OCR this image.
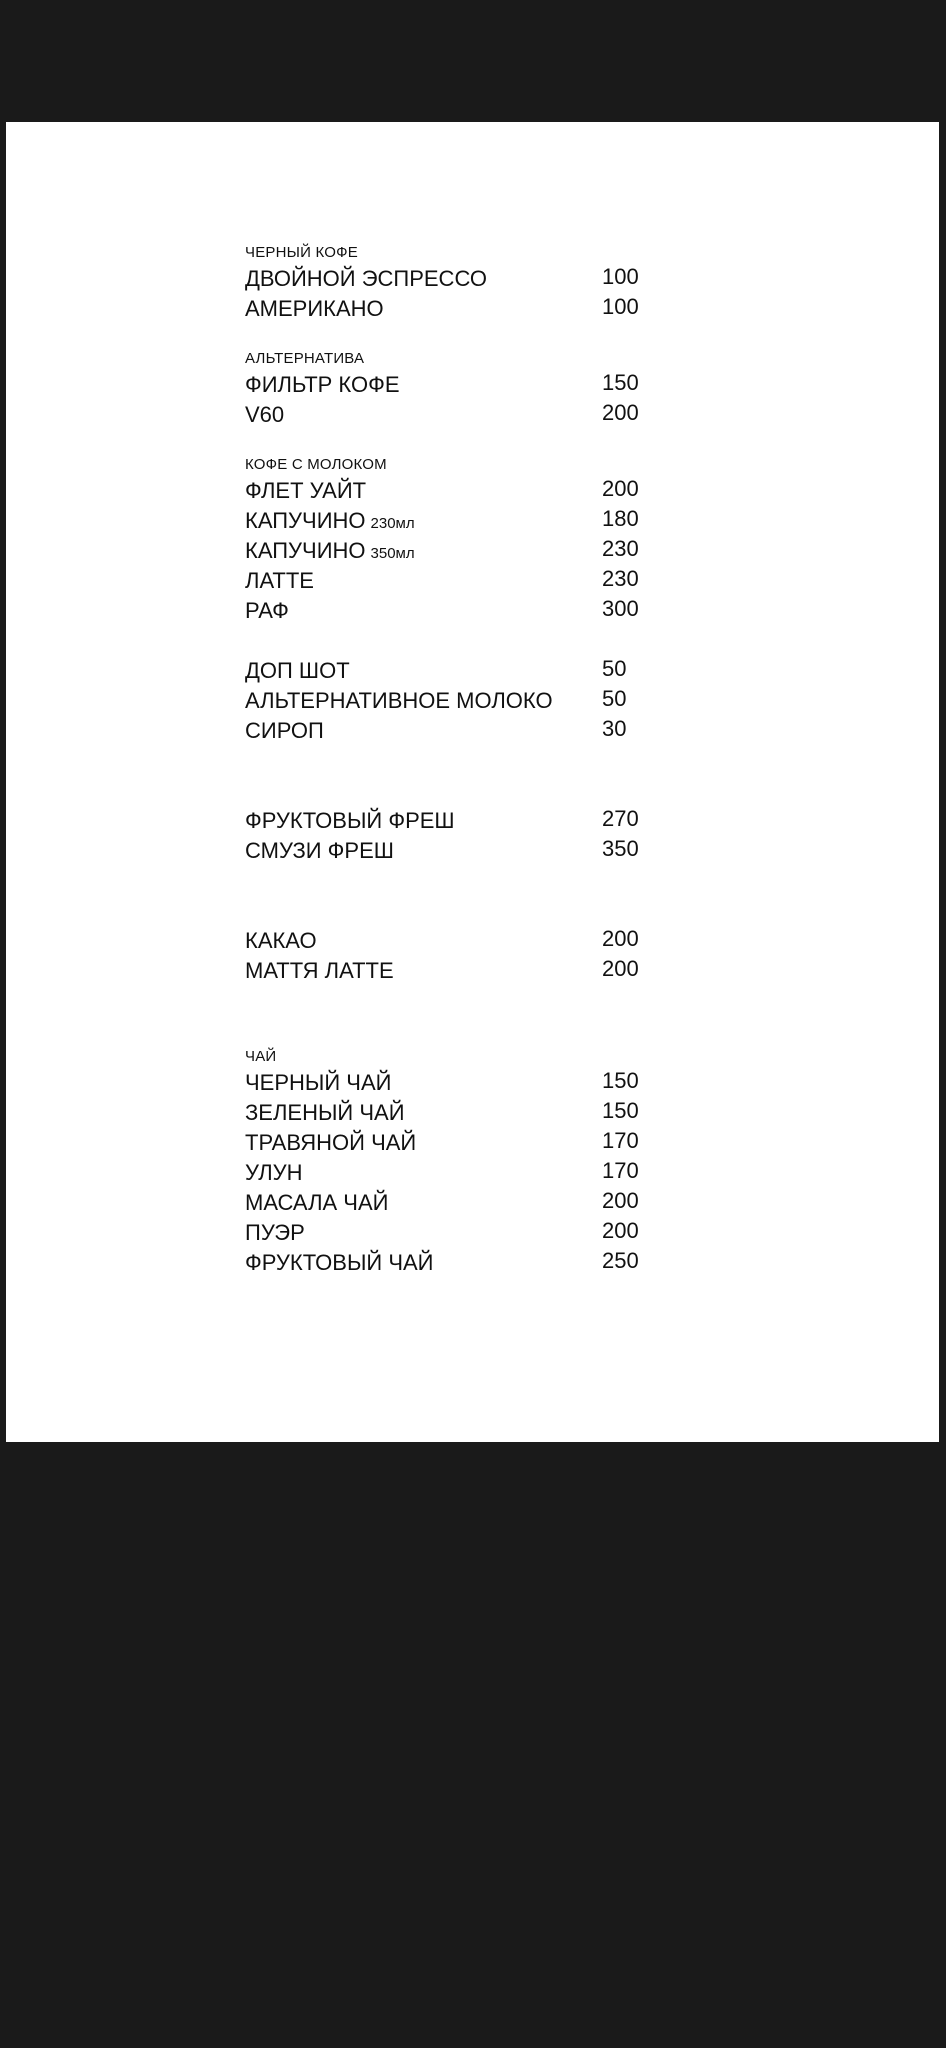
ЧЕРНЫЙ КОФЕ
ДВОЙНОЙ ЭСПРЕССО	100
АМЕРИКАНО	100
АЛЬТЕРНАТИВА
ФИЛЬТР КОФЕ	150
V60	200
КОФЕ С МОЛОКОМ
ФЛЕТ УАЙТ	200
КАПУЧИНО 230мл	180
КАПУЧИНО 350мл	230
ЛАТТЕ	230
РАФ	300
ДОП ШОТ	50
АЛЬТЕРНАТИВНОЕ МОЛОКО 50
СИРОП	30
ФРУКТОВЫЙ ФРЕШ	270
СМУЗИ ФРЕШ	350
КАКАО	200
МАТТЯ ЛАТТЕ	200
ЧАЙ
ЧЕРНЫЙ ЧАЙ	150
ЗЕЛЕНЫЙ ЧАЙ	150
ТРАВЯНОЙ ЧАЙ	170
УЛУН	170
МАСАЛА ЧАЙ	200
ПУЭР	200
ФРУКТОВЫЙ ЧАЙ	250
